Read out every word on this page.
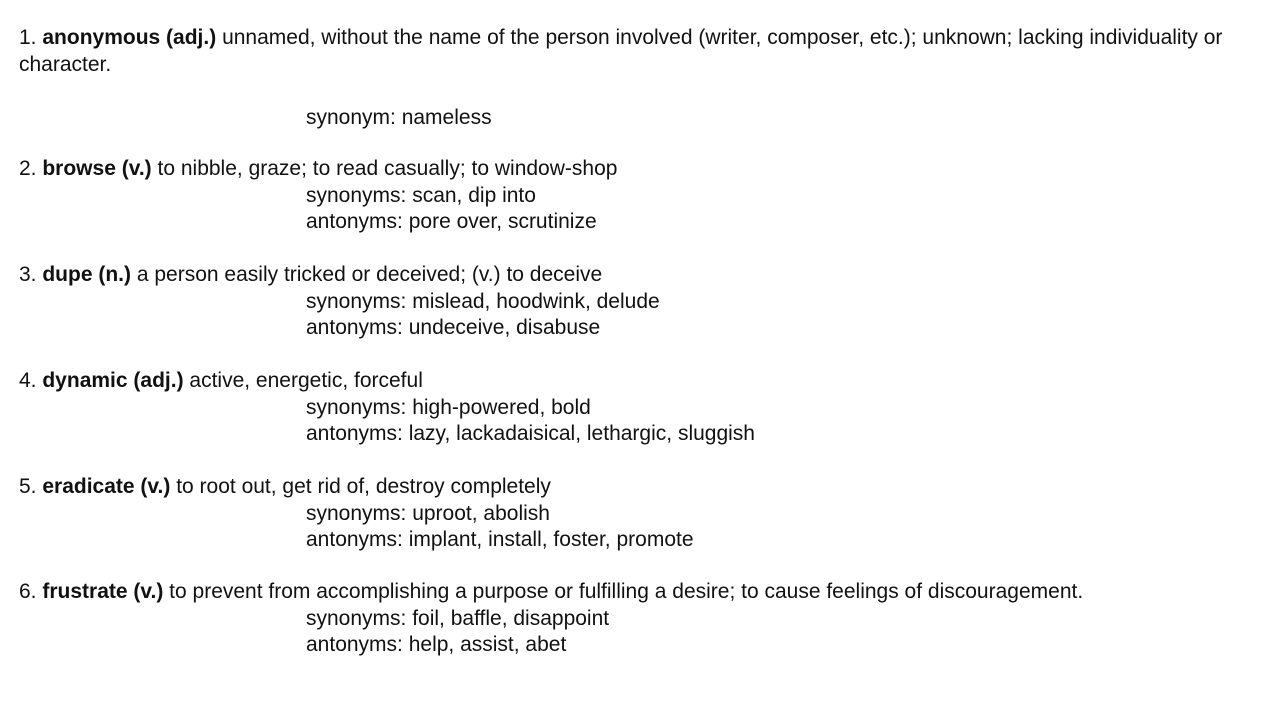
1. anonymous (adj.) unnamed, without the name of the person involved (writer, composer, etc.); unknown; lacking individuality or character.
synonym: nameless
2. browse (v.) to nibble, graze; to read casually; to window-shop
synonyms: scan, dip into
antonyms: pore over, scrutinize
3. dupe (n.) a person easily tricked or deceived; (v.) to deceive
synonyms: mislead, hoodwink, delude
antonyms: undeceive, disabuse
4. dynamic (adj.) active, energetic, forceful
synonyms: high-powered, bold
antonyms: lazy, lackadaisical, lethargic, sluggish
5. eradicate (v.) to root out, get rid of, destroy completely
synonyms: uproot, abolish
antonyms: implant, install, foster, promote
6. frustrate (v.) to prevent from accomplishing a purpose or fulfilling a desire; to cause feelings of discouragement.
synonyms: foil, baffle, disappoint
antonyms: help, assist, abet
